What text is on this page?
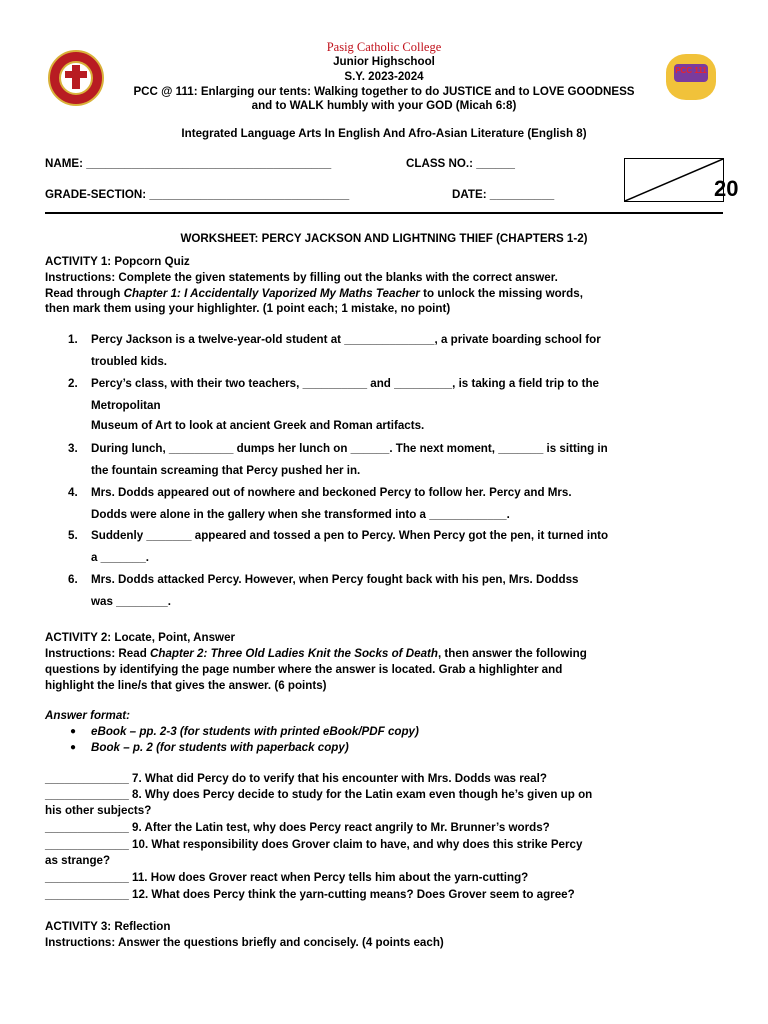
PCC 111
Pasig Catholic College
Junior Highschool
S.Y. 2023-2024
PCC @ 111: Enlarging our tents: Walking together to do JUSTICE and to LOVE GOODNESS
and to WALK humbly with your GOD (Micah 6:8)
Integrated Language Arts In English And Afro-Asian Literature (English 8)
NAME: ______________________________________	CLASS NO.: ______
GRADE-SECTION: _______________________________	DATE: __________	20
WORKSHEET: PERCY JACKSON AND LIGHTNING THIEF (CHAPTERS 1-2)
ACTIVITY 1: Popcorn Quiz
Instructions: Complete the given statements by filling out the blanks with the correct answer.
Read through Chapter 1: I Accidentally Vaporized My Maths Teacher to unlock the missing words,
then mark them using your highlighter. (1 point each; 1 mistake, no point)
1. Percy Jackson is a twelve-year-old student at ______________, a private boarding school for
troubled kids.
2. Percy’s class, with their two teachers, __________ and _________, is taking a field trip to the
Metropolitan
Museum of Art to look at ancient Greek and Roman artifacts.
3. During lunch, __________ dumps her lunch on ______. The next moment, _______ is sitting in
the fountain screaming that Percy pushed her in.
4. Mrs. Dodds appeared out of nowhere and beckoned Percy to follow her. Percy and Mrs.
Dodds were alone in the gallery when she transformed into a ____________.
5. Suddenly _______ appeared and tossed a pen to Percy. When Percy got the pen, it turned into
a _______.
6. Mrs. Dodds attacked Percy. However, when Percy fought back with his pen, Mrs. Doddss
was ________.
ACTIVITY 2: Locate, Point, Answer
Instructions: Read Chapter 2: Three Old Ladies Knit the Socks of Death, then answer the following
questions by identifying the page number where the answer is located. Grab a highlighter and
highlight the line/s that gives the answer. (6 points)
Answer format:
● eBook – pp. 2-3 (for students with printed eBook/PDF copy)
● Book – p. 2 (for students with paperback copy)
_____________ 7. What did Percy do to verify that his encounter with Mrs. Dodds was real?
_____________ 8. Why does Percy decide to study for the Latin exam even though he’s given up on
his other subjects?
_____________ 9. After the Latin test, why does Percy react angrily to Mr. Brunner’s words?
_____________ 10. What responsibility does Grover claim to have, and why does this strike Percy
as strange?
_____________ 11. How does Grover react when Percy tells him about the yarn-cutting?
_____________ 12. What does Percy think the yarn-cutting means? Does Grover seem to agree?
ACTIVITY 3: Reflection
Instructions: Answer the questions briefly and concisely. (4 points each)
